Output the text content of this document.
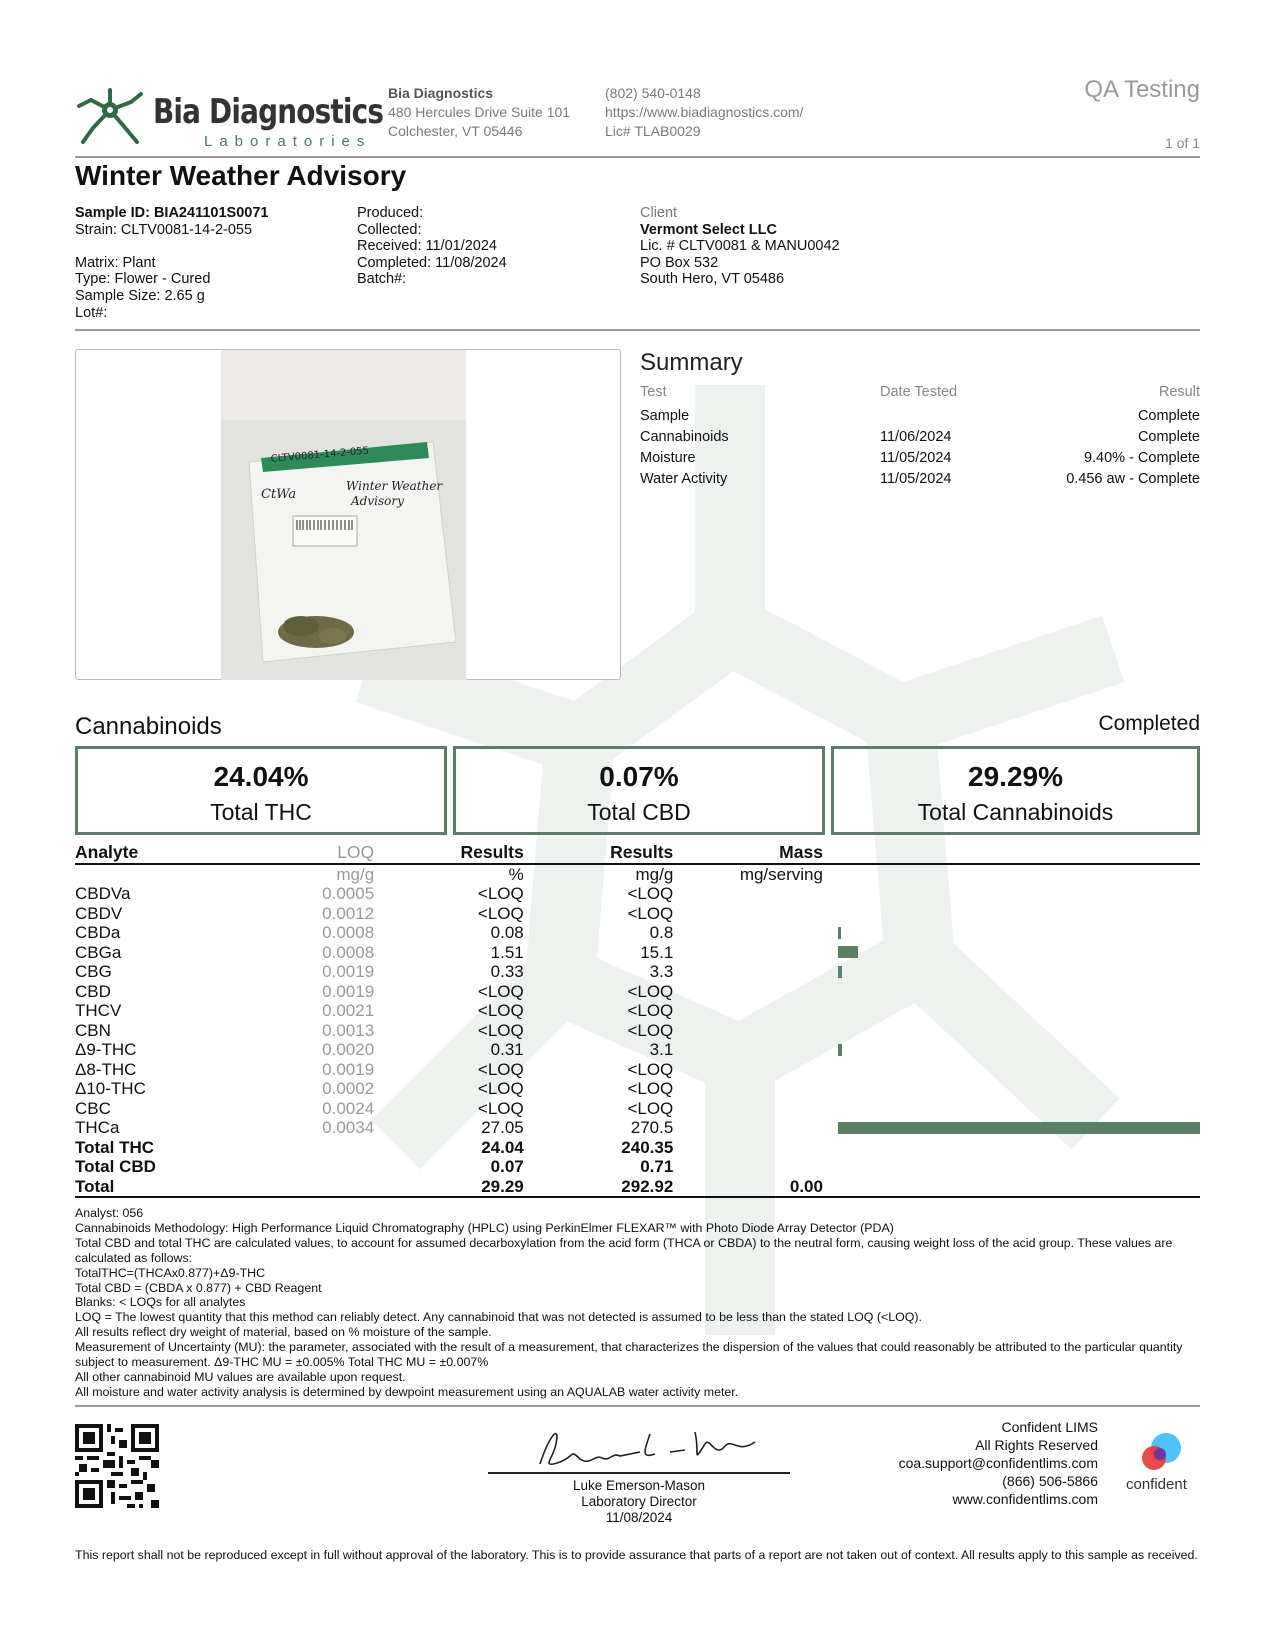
Bia Diagnostics
Laboratories
Bia Diagnostics
480 Hercules Drive Suite 101
Colchester, VT 05446
(802) 540-0148
https://www.biadiagnostics.com/
Lic# TLAB0029
QA Testing
1 of 1
Winter Weather Advisory
Sample ID: BIA241101S0071
Strain: CLTV0081-14-2-055
Matrix: Plant
Type: Flower - Cured
Sample Size: 2.65 g
Lot#:
Produced:
Collected:
Received: 11/01/2024
Completed: 11/08/2024
Batch#:
Client
Vermont Select LLC
Lic. # CLTV0081 & MANU0042
PO Box 532
South Hero, VT 05486
CLTV0081-14-2-055
CtWa
Winter Weather
Advisory
Summary
Test	Date Tested	Result

Sample		Complete
Cannabinoids	11/06/2024	Complete
Moisture	11/05/2024	9.40% - Complete
Water Activity	11/05/2024	0.456 aw - Complete
Cannabinoids	Completed
24.04%
Total THC
0.07%
Total CBD
29.29%
Total Cannabinoids
Analyte	LOQ	Results	Results	Mass	
	mg/g	%	mg/g	mg/serving	
CBDVa	0.0005	<LOQ	<LOQ		
CBDV	0.0012	<LOQ	<LOQ		
CBDa	0.0008	0.08	0.8		

CBGa	0.0008	1.51	15.1		

CBG	0.0019	0.33	3.3		

CBD	0.0019	<LOQ	<LOQ		
THCV	0.0021	<LOQ	<LOQ		
CBN	0.0013	<LOQ	<LOQ		
Δ9-THC	0.0020	0.31	3.1		

Δ8-THC	0.0019	<LOQ	<LOQ		
Δ10-THC	0.0002	<LOQ	<LOQ		
CBC	0.0024	<LOQ	<LOQ		
THCa	0.0034	27.05	270.5		

Total THC		24.04	240.35		
Total CBD		0.07	0.71		
Total		29.29	292.92	0.00	
Analyst: 056
Cannabinoids Methodology: High Performance Liquid Chromatography (HPLC) using PerkinElmer FLEXAR™ with Photo Diode Array Detector (PDA)
Total CBD and total THC are calculated values, to account for assumed decarboxylation from the acid form (THCA or CBDA) to the neutral form, causing weight loss of the acid group. These values are calculated as follows:
TotalTHC=(THCAx0.877)+Δ9-THC
Total CBD = (CBDA x 0.877) + CBD Reagent
Blanks: < LOQs for all analytes
LOQ = The lowest quantity that this method can reliably detect. Any cannabinoid that was not detected is assumed to be less than the stated LOQ (<LOQ).
All results reflect dry weight of material, based on % moisture of the sample.
Measurement of Uncertainty (MU): the parameter, associated with the result of a measurement, that characterizes the dispersion of the values that could reasonably be attributed to the particular quantity subject to measurement. Δ9-THC MU = ±0.005% Total THC MU = ±0.007%
All other cannabinoid MU values are available upon request.
All moisture and water activity analysis is determined by dewpoint measurement using an AQUALAB water activity meter.
Luke Emerson-Mason
Laboratory Director
11/08/2024
Confident LIMS
All Rights Reserved
coa.support@confidentlims.com
(866) 506-5866
www.confidentlims.com
confident
This report shall not be reproduced except in full without approval of the laboratory. This is to provide assurance that parts of a report are not taken out of context. All results apply to this sample as received.
